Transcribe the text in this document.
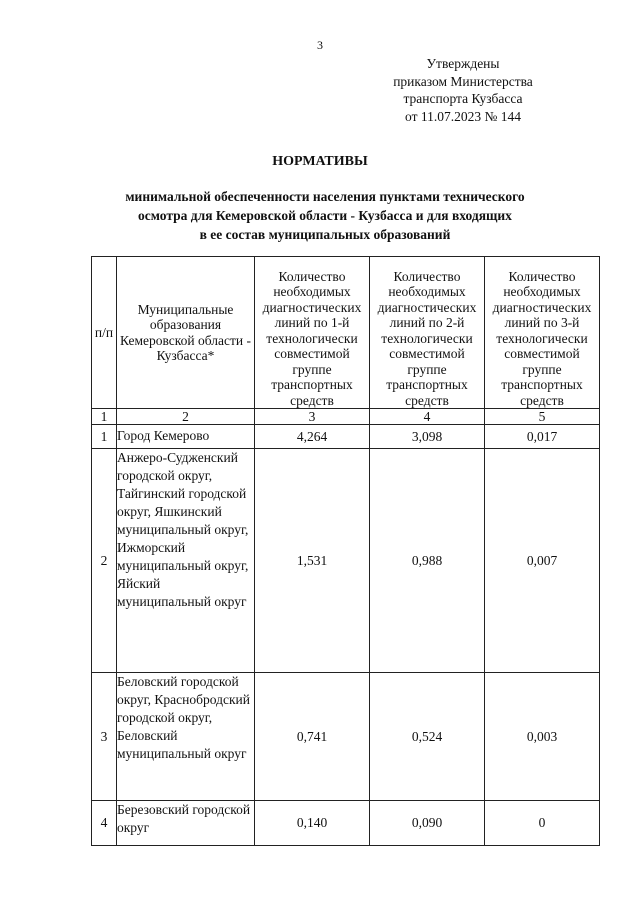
3
Утверждены
приказом Министерства
транспорта Кузбасса
от 11.07.2023 № 144
НОРМАТИВЫ
минимальной обеспеченности населения пунктами технического
осмотра для Кемеровской области - Кузбасса и для входящих
в ее состав муниципальных образований
п/п	Муниципальные образования Кемеровской области - Кузбасса*	Количество необходимых диагностических линий по 1-й технологически совместимой группе транспортных средств	Количество необходимых диагностических линий по 2-й технологически совместимой группе транспортных средств	Количество необходимых диагностических линий по 3-й технологически совместимой группе транспортных средств
1	2	3	4	5
1	Город Кемерово	4,264	3,098	0,017
2	Анжеро-Судженский городской округ, Тайгинский городской округ, Яшкинский муниципальный округ, Ижморский муниципальный округ, Яйский муниципальный округ	1,531	0,988	0,007
3	Беловский городской округ, Краснобродский городской округ, Беловский муниципальный округ	0,741	0,524	0,003
4	Березовский городской округ	0,140	0,090	0
